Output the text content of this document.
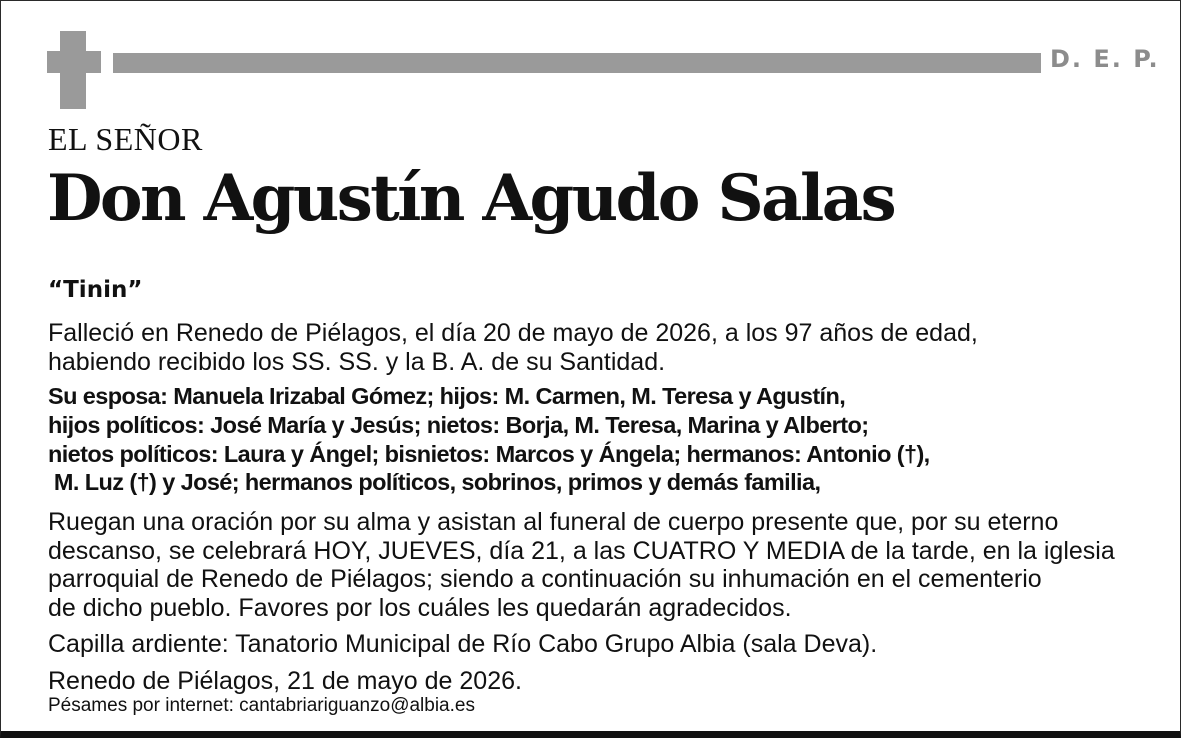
D. E. P.
EL SEÑOR
Don Agustín Agudo Salas
“Tinin”
Falleció en Renedo de Piélagos, el día 20 de mayo de 2026, a los 97 años de edad,
habiendo recibido los SS. SS. y la B. A. de su Santidad.
Su esposa: Manuela Irizabal Gómez; hijos: M. Carmen, M. Teresa y Agustín,
hijos políticos: José María y Jesús; nietos: Borja, M. Teresa, Marina y Alberto;
nietos políticos: Laura y Ángel; bisnietos: Marcos y Ángela; hermanos: Antonio (†),
M. Luz (†) y José; hermanos políticos, sobrinos, primos y demás familia,
Ruegan una oración por su alma y asistan al funeral de cuerpo presente que, por su eterno
descanso, se celebrará HOY, JUEVES, día 21, a las CUATRO Y MEDIA de la tarde, en la iglesia
parroquial de Renedo de Piélagos; siendo a continuación su inhumación en el cementerio
de dicho pueblo. Favores por los cuáles les quedarán agradecidos.
Capilla ardiente: Tanatorio Municipal de Río Cabo Grupo Albia (sala Deva).
Renedo de Piélagos, 21 de mayo de 2026.
Pésames por internet: cantabriariguanzo@albia.es
